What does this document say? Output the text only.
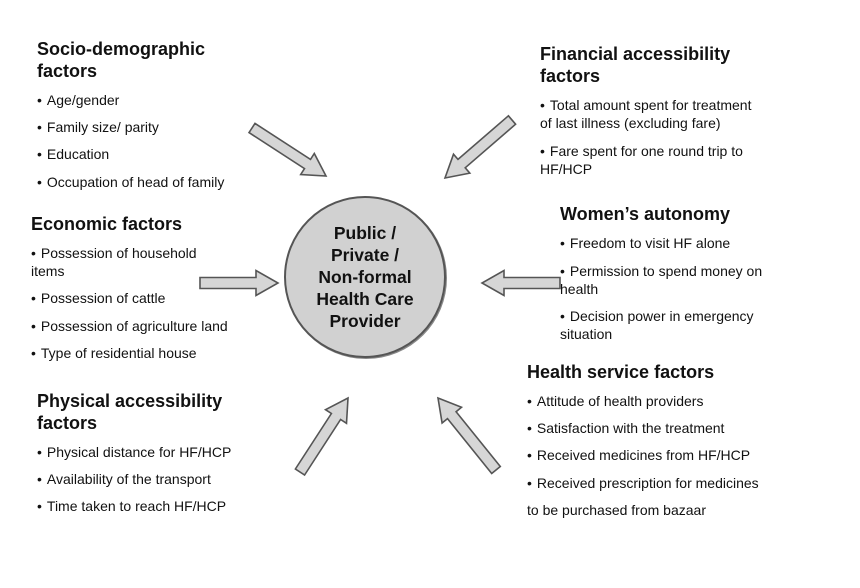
Socio-demographic
factors
• Age/gender
• Family size/ parity
• Education
• Occupation of head of family
Financial accessibility
factors
• Total amount spent for treatment
of last illness (excluding fare)
• Fare spent for one round trip to
HF/HCP
Economic factors
• Possession of household
items
• Possession of cattle
• Possession of agriculture land
• Type of residential house
Women’s autonomy
• Freedom to visit HF alone
• Permission to spend money on
health
• Decision power in emergency
situation
Physical accessibility
factors
• Physical distance for HF/HCP
• Availability of the transport
• Time taken to reach HF/HCP
Health service factors
• Attitude of health providers
• Satisfaction with the treatment
• Received medicines from HF/HCP
• Received prescription for medicines
to be purchased from bazaar
Public /
Private /
Non-formal
Health Care
Provider
